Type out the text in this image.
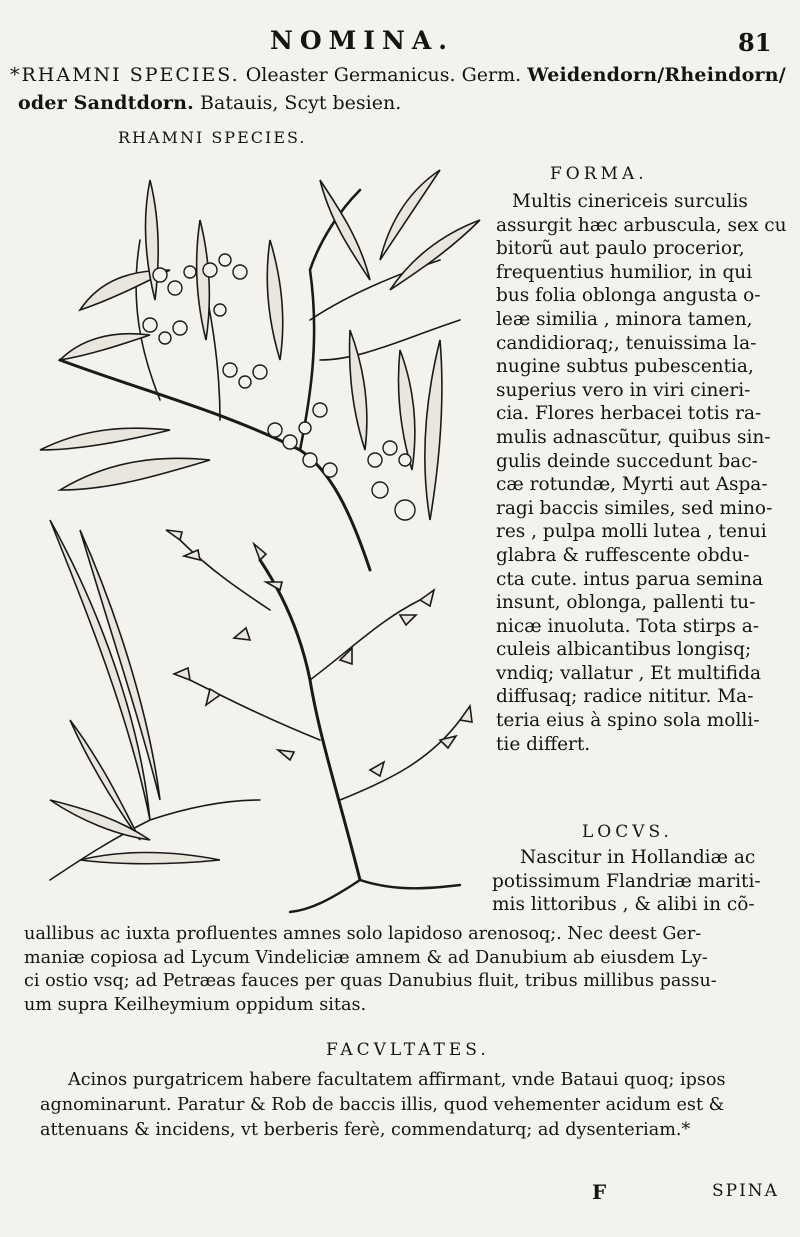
NOMINA.	81
*RHAMNI SPECIES. Oleaster Germanicus. Germ. Weidendorn/Rheindorn/
oder Sandtdorn. Batauis, Scyt besien.
RHAMNI SPECIES.
FORMA.
Multis cinericeis surculis
assurgit hæc arbuscula, sex cu
bitorũ aut paulo procerior,
frequentius humilior, in qui
bus folia oblonga angusta o-
leæ similia , minora tamen,
candidioraq;, tenuissima la-
nugine subtus pubescentia,
superius vero in viri cineri-
cia. Flores herbacei totis ra-
mulis adnascũtur, quibus sin-
gulis deinde succedunt bac-
cæ rotundæ, Myrti aut Aspa-
ragi baccis similes, sed mino-
res , pulpa molli lutea , tenui
glabra & ruffescente obdu-
cta cute. intus parua semina
insunt, oblonga, pallenti tu-
nicæ inuoluta. Tota stirps a-
culeis albicantibus longisq;
vndiq; vallatur , Et multifida
diffusaq; radice nititur. Ma-
teria eius à spino sola molli-
tie differt.
LOCVS.
Nascitur in Hollandiæ ac
potissimum Flandriæ mariti-
mis littoribus , & alibi in cõ-
uallibus ac iuxta profluentes amnes solo lapidoso arenosoq;. Nec deest Ger-
maniæ copiosa ad Lycum Vindeliciæ amnem & ad Danubium ab eiusdem Ly-
ci ostio vsq; ad Petræas fauces per quas Danubius fluit, tribus millibus passu-
um supra Keilheymium oppidum sitas.
FACVLTATES.
Acinos purgatricem habere facultatem affirmant, vnde Bataui quoq; ipsos
agnominarunt. Paratur & Rob de baccis illis, quod vehementer acidum est &
attenuans & incidens, vt berberis ferè, commendaturq; ad dysenteriam.*
F	SPINA
